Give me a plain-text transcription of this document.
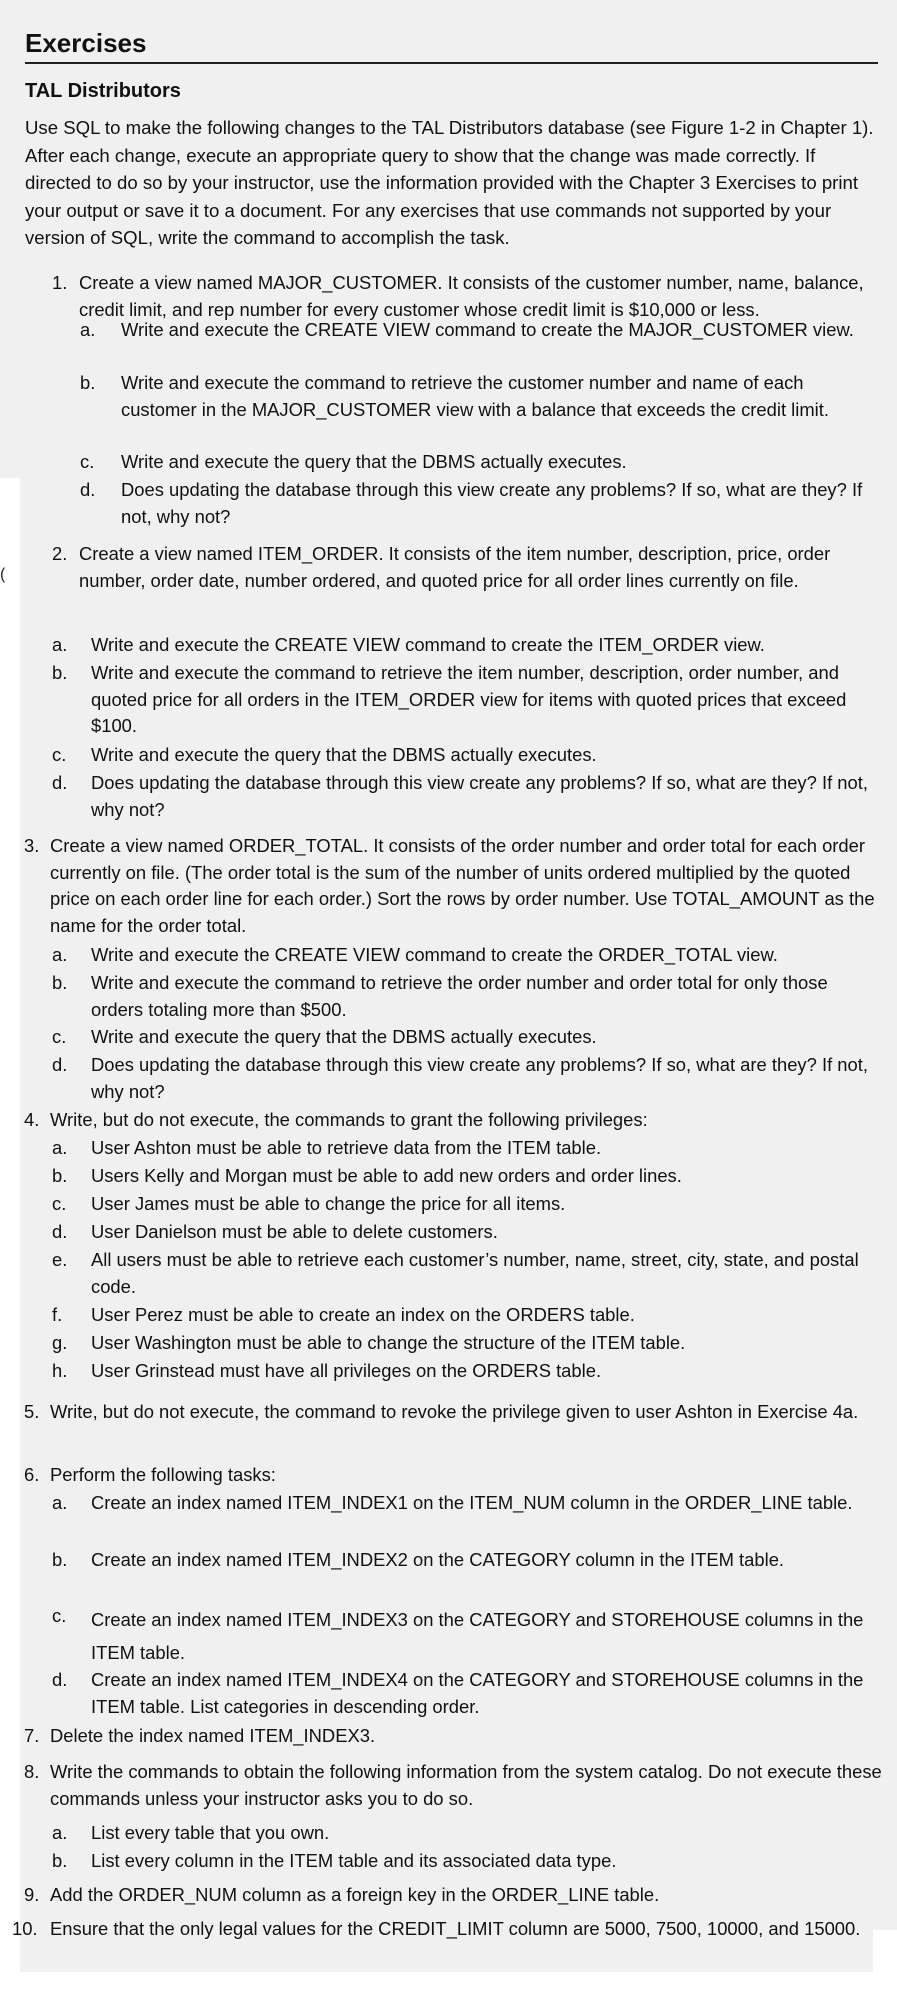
(
Exercises
TAL Distributors

Use SQL to make the following changes to the TAL Distributors database (see Figure 1-2 in Chapter 1). After each change, execute an appropriate query to show that the change was made correctly. If directed to do so by your instructor, use the information provided with the Chapter 3 Exercises to print your output or save it to a document. For any exercises that use commands not supported by your version of SQL, write the command to accomplish the task.

1. Create a view named MAJOR_CUSTOMER. It consists of the customer number, name, balance, credit limit, and rep number for every customer whose credit limit is $10,000 or less.
a. Write and execute the CREATE VIEW command to create the MAJOR_CUSTOMER view.
b. Write and execute the command to retrieve the customer number and name of each customer in the MAJOR_CUSTOMER view with a balance that exceeds the credit limit.
c. Write and execute the query that the DBMS actually executes.
d. Does updating the database through this view create any problems? If so, what are they? If not, why not?
2. Create a view named ITEM_ORDER. It consists of the item number, description, price, order number, order date, number ordered, and quoted price for all order lines currently on file.
a. Write and execute the CREATE VIEW command to create the ITEM_ORDER view.
b. Write and execute the command to retrieve the item number, description, order number, and quoted price for all orders in the ITEM_ORDER view for items with quoted prices that exceed $100.
c. Write and execute the query that the DBMS actually executes.
d. Does updating the database through this view create any problems? If so, what are they? If not, why not?
3. Create a view named ORDER_TOTAL. It consists of the order number and order total for each order currently on file. (The order total is the sum of the number of units ordered multiplied by the quoted price on each order line for each order.) Sort the rows by order number. Use TOTAL_AMOUNT as the name for the order total.
a. Write and execute the CREATE VIEW command to create the ORDER_TOTAL view.
b. Write and execute the command to retrieve the order number and order total for only those orders totaling more than $500.
c. Write and execute the query that the DBMS actually executes.
d. Does updating the database through this view create any problems? If so, what are they? If not, why not?
4. Write, but do not execute, the commands to grant the following privileges:
a. User Ashton must be able to retrieve data from the ITEM table.
b. Users Kelly and Morgan must be able to add new orders and order lines.
c. User James must be able to change the price for all items.
d. User Danielson must be able to delete customers.
e. All users must be able to retrieve each customer’s number, name, street, city, state, and postal code.
f. User Perez must be able to create an index on the ORDERS table.
g. User Washington must be able to change the structure of the ITEM table.
h. User Grinstead must have all privileges on the ORDERS table.
5. Write, but do not execute, the command to revoke the privilege given to user Ashton in Exercise 4a.
6. Perform the following tasks:
a. Create an index named ITEM_INDEX1 on the ITEM_NUM column in the ORDER_LINE table.
b. Create an index named ITEM_INDEX2 on the CATEGORY column in the ITEM table.
c. Create an index named ITEM_INDEX3 on the CATEGORY and STOREHOUSE columns in the ITEM table.
d. Create an index named ITEM_INDEX4 on the CATEGORY and STOREHOUSE columns in the ITEM table. List categories in descending order.
7. Delete the index named ITEM_INDEX3.
8. Write the commands to obtain the following information from the system catalog. Do not execute these commands unless your instructor asks you to do so.
a. List every table that you own.
b. List every column in the ITEM table and its associated data type.
9. Add the ORDER_NUM column as a foreign key in the ORDER_LINE table.
10. Ensure that the only legal values for the CREDIT_LIMIT column are 5000, 7500, 10000, and 15000.
